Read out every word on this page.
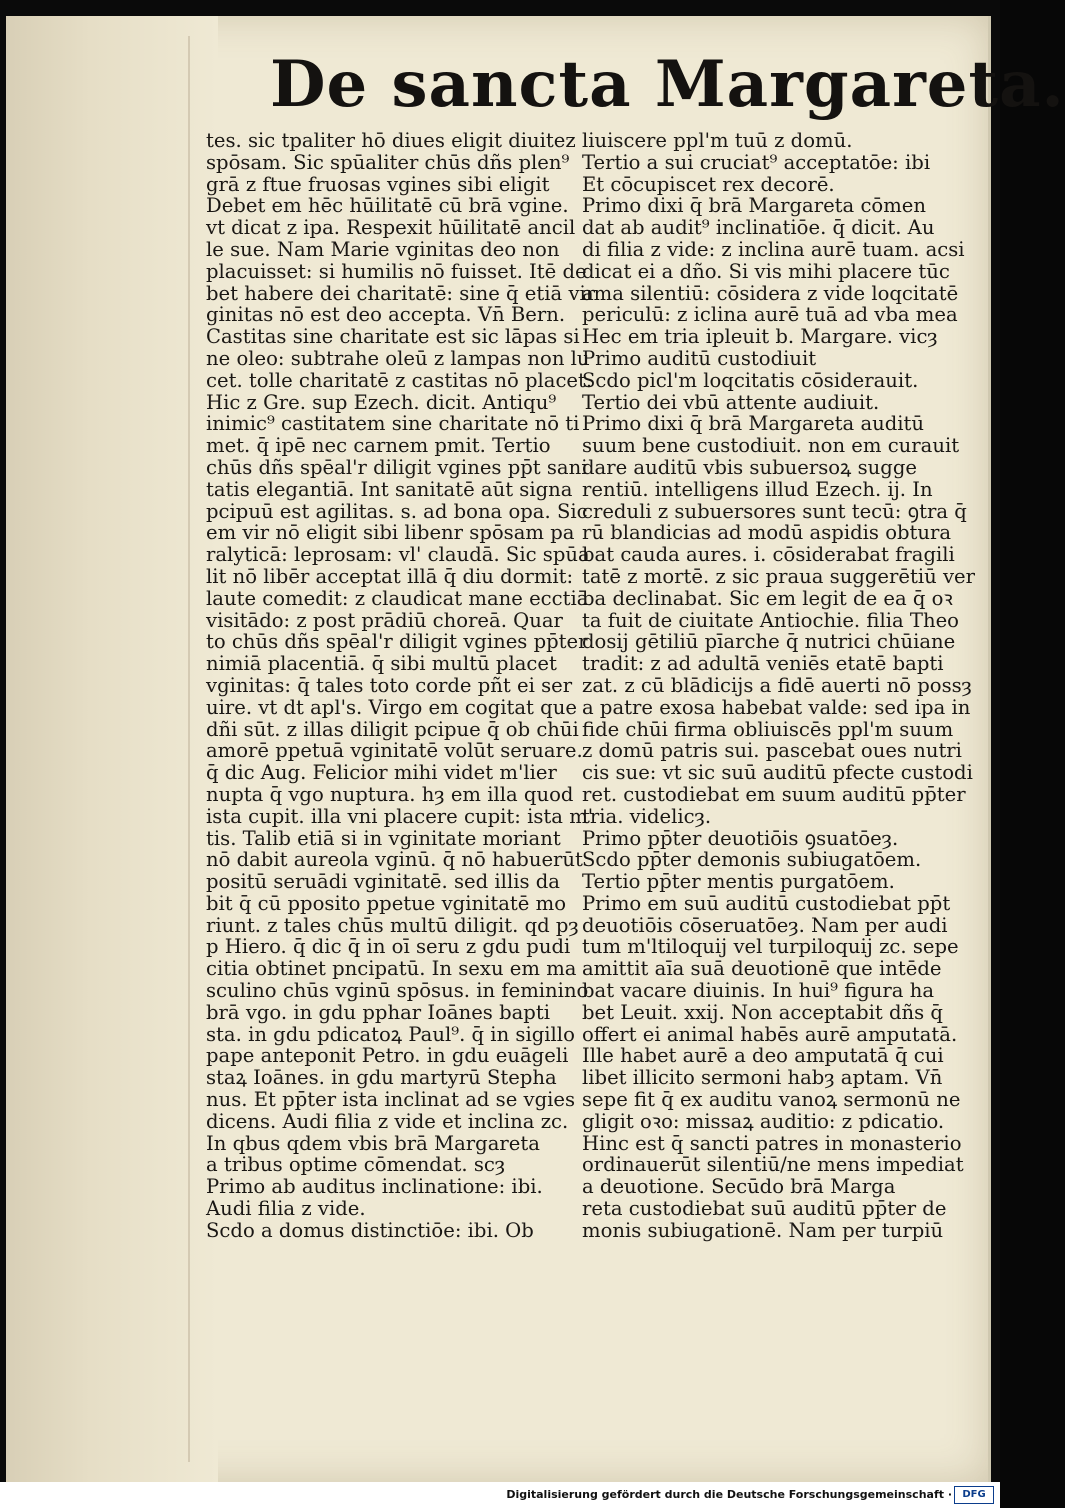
De sancta Margareta.
tes. sic tpaliter hō diues eligit diuitez
spōsam. Sic spūaliter chūs dñs plen⁹
grā z ftue fruosas vgines sibi eligit
Debet em hēc hūilitatē cū brā vgine.
vt dicat z ipa. Respexit hūilitatē ancil
le sue. Nam Marie vginitas deo non
placuisset: si humilis nō fuisset. Itē de
bet habere dei charitatē: sine q̄ etiā vir
ginitas nō est deo accepta. Vn̄ Bern.
Castitas sine charitate est sic lāpas si
ne oleo: subtrahe oleū z lampas non lu
cet. tolle charitatē z castitas nō placet.
Hic z Gre. sup Ezech. dicit. Antiqu⁹
inimic⁹ castitatem sine charitate nō ti
met. q̄ ipē nec carnem pmit. Tertio
chūs dñs spēal'r diligit vgines pp̄t sani
tatis elegantiā. Int sanitatē aūt signa
pcipuū est agilitas. s. ad bona opa. Sic
em vir nō eligit sibi libenr spōsam pa
ralyticā: leprosam: vl' claudā. Sic spūa
lit nō libēr acceptat illā q̄ diu dormit:
laute comedit: z claudicat mane ecctiā
visitādo: z post prādiū choreā. Quar
to chūs dñs spēal'r diligit vgines pp̄ter
nimiā placentiā. q̄ sibi multū placet
vginitas: q̄ tales toto corde pñt ei ser
uire. vt dt apl's. Virgo em cogitat que
dñi sūt. z illas diligit pcipue q̄ ob chūi
amorē ppetuā vginitatē volūt seruare.
q̄ dic Aug. Felicior mihi videt m'lier
nupta q̄ vgo nuptura. hȝ em illa quod
ista cupit. illa vni placere cupit: ista m'
tis. Talib etiā si in vginitate moriant
nō dabit aureola vginū. q̄ nō habuerūt
positū seruādi vginitatē. sed illis da
bit q̄ cū pposito ppetue vginitatē mo
riunt. z tales chūs multū diligit. qd pȝ
p Hiero. q̄ dic q̄ in oī seru z gdu pudi
citia obtinet pncipatū. In sexu em ma
sculino chūs vginū spōsus. in feminino
brā vgo. in gdu pphar Ioānes bapti
sta. in gdu pdicatoꝝ Paul⁹. q̄ in sigillo
pape anteponit Petro. in gdu euāgeli
staꝝ Ioānes. in gdu martyrū Stepha
nus. Et pp̄ter ista inclinat ad se vgies
dicens. Audi filia z vide et inclina zc.
In qbus qdem vbis brā Margareta
a tribus optime cōmendat. scȝ
Primo ab auditus inclinatione: ibi.
Audi filia z vide.
Scdo a domus distinctiōe: ibi. Ob
liuiscere ppl'm tuū z domū.
Tertio a sui cruciat⁹ acceptatōe: ibi
Et cōcupiscet rex decorē.
Primo dixi q̄ brā Margareta cōmen
dat ab audit⁹ inclinatiōe. q̄ dicit. Au
di filia z vide: z inclina aurē tuam. acsi
dicat ei a dño. Si vis mihi placere tūc
ama silentiū: cōsidera z vide loqcitatē
periculū: z iclina aurē tuā ad vba mea
Hec em tria ipleuit b. Margare. vicȝ
Primo auditū custodiuit
Scdo picl'm loqcitatis cōsiderauit.
Tertio dei vbū attente audiuit.
Primo dixi q̄ brā Margareta auditū
suum bene custodiuit. non em curauit
dare auditū vbis subuersoꝝ sugge
rentiū. intelligens illud Ezech. ij. In
creduli z subuersores sunt tecū: ꝯtra q̄
rū blandicias ad modū aspidis obtura
bat cauda aures. i. cōsiderabat fragili
tatē z mortē. z sic praua suggerētiū ver
ba declinabat. Sic em legit de ea q̄ oꝛ
ta fuit de ciuitate Antiochie. filia Theo
dosij gētiliū pīarche q̄ nutrici chūiane
tradit: z ad adultā veniēs etatē bapti
zat. z cū blādicijs a fidē auerti nō possȝ
a patre exosa habebat valde: sed ipa in
fide chūi firma obliuiscēs ppl'm suum
z domū patris sui. pascebat oues nutri
cis sue: vt sic suū auditū pfecte custodi
ret. custodiebat em suum auditū pp̄ter
tria. videlicȝ.
Primo pp̄ter deuotiōis ꝯsuatōeȝ.
Scdo pp̄ter demonis subiugatōem.
Tertio pp̄ter mentis purgatōem.
Primo em suū auditū custodiebat pp̄t
deuotiōis cōseruatōeȝ. Nam per audi
tum m'ltiloquij vel turpiloquij zc. sepe
amittit aīa suā deuotionē que intēde
bat vacare diuinis. In hui⁹ figura ha
bet Leuit. xxij. Non acceptabit dñs q̄
offert ei animal habēs aurē amputatā.
Ille habet aurē a deo amputatā q̄ cui
libet illicito sermoni habȝ aptam. Vn̄
sepe fit q̄ ex auditu vanoꝝ sermonū ne
gligit oꝛo: missaꝝ auditio: z pdicatio.
Hinc est q̄ sancti patres in monasterio
ordinauerūt silentiū/ne mens impediat
a deuotione. Secūdo brā Marga
reta custodiebat suū auditū pp̄ter de
monis subiugationē. Nam per turpiū
Digitalisierung gefördert durch die Deutsche Forschungsgemeinschaft ·	DFG
